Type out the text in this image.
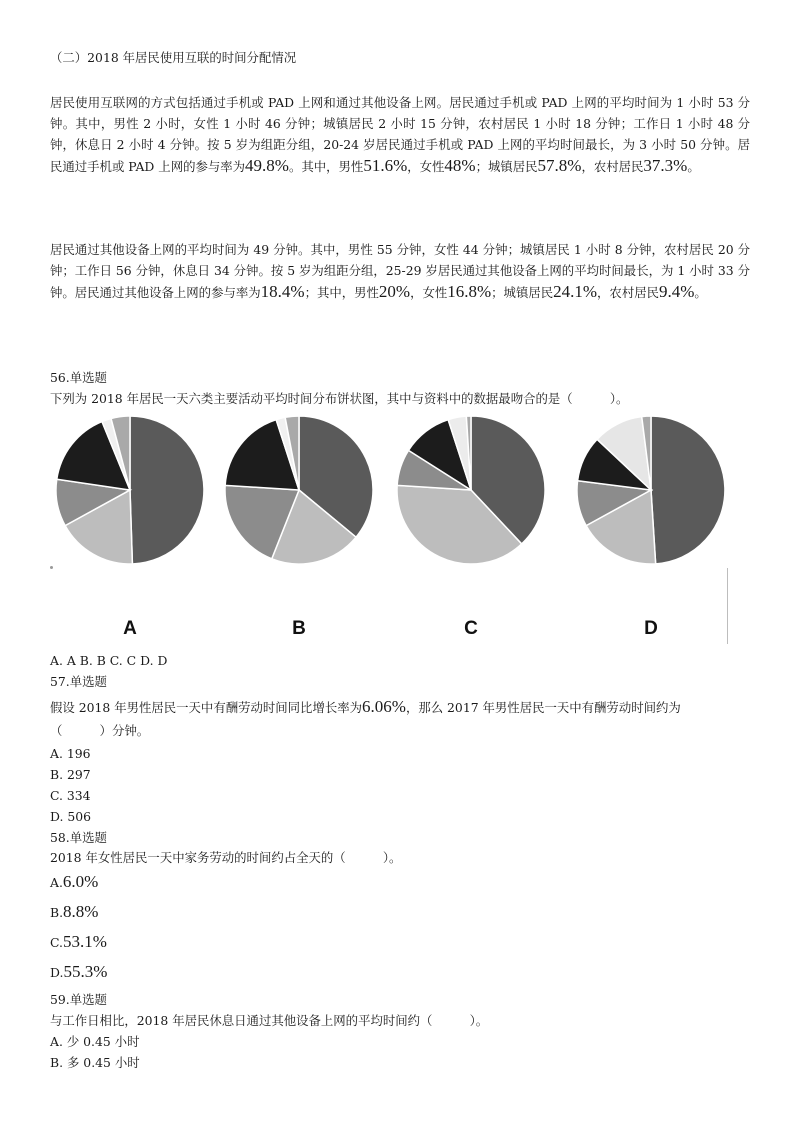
（二）2018 年居民使用互联的时间分配情况

居民使用互联网的方式包括通过手机或 PAD 上网和通过其他设备上网。居民通过手机或 PAD 上网的平均时间为 1 小时 53 分钟。其中，男性 2 小时，女性 1 小时 46 分钟；城镇居民 2 小时 15 分钟，农村居民 1 小时 18 分钟；工作日 1 小时 48 分钟，休息日 2 小时 4 分钟。按 5 岁为组距分组，20-24 岁居民通过手机或 PAD 上网的平均时间最长，为 3 小时 50 分钟。居民通过手机或 PAD 上网的参与率为49.8%。其中，男性51.6%，女性48%；城镇居民57.8%，农村居民37.3%。

居民通过其他设备上网的平均时间为 49 分钟。其中，男性 55 分钟，女性 44 分钟；城镇居民 1 小时 8 分钟，农村居民 20 分钟；工作日 56 分钟，休息日 34 分钟。按 5 岁为组距分组，25-29 岁居民通过其他设备上网的平均时间最长，为 1 小时 33 分钟。居民通过其他设备上网的参与率为18.4%；其中，男性20%，女性16.8%；城镇居民24.1%，农村居民9.4%。

56.单选题

下列为 2018 年居民一天六类主要活动平均时间分布饼状图，其中与资料中的数据最吻合的是（　　　）。

A	B	C	D

A. A B. B C. C D. D

57.单选题

假设 2018 年男性居民一天中有酬劳动时间同比增长率为6.06%，那么 2017 年男性居民一天中有酬劳动时间约为

（　　　）分钟。

A. 196

B. 297

C. 334

D. 506

58.单选题

2018 年女性居民一天中家务劳动的时间约占全天的（　　　）。

A.6.0%

B.8.8%

C.53.1%

D.55.3%

59.单选题

与工作日相比，2018 年居民休息日通过其他设备上网的平均时间约（　　　）。

A. 少 0.45 小时

B. 多 0.45 小时
